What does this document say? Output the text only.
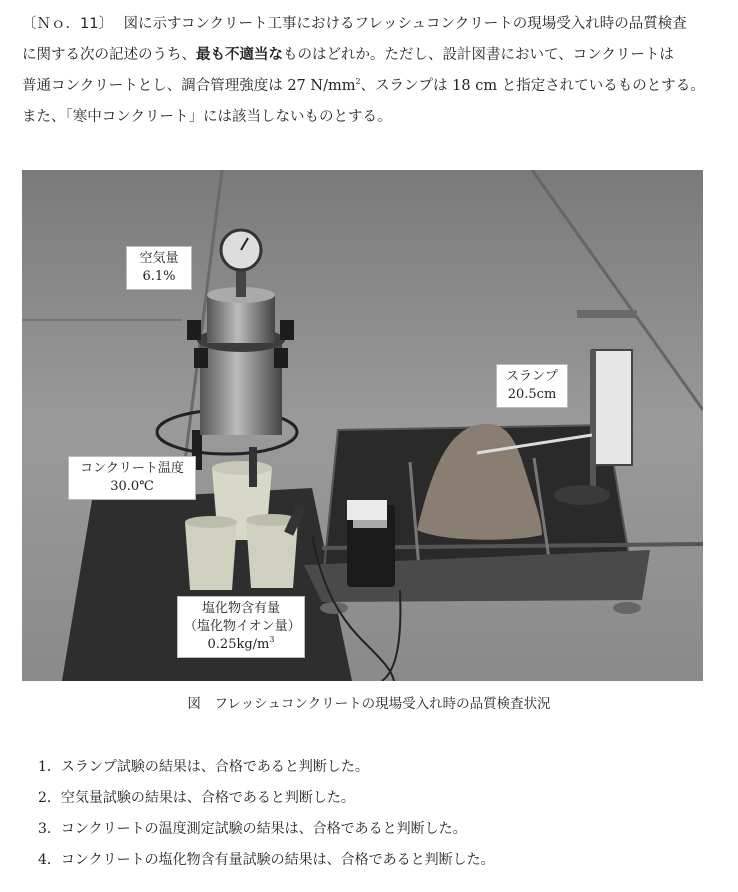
〔Ｎｏ．11〕 図に示すコンクリート工事におけるフレッシュコンクリートの現場受入れ時の品質検査
に関する次の記述のうち、最も不適当なものはどれか。ただし、設計図書において、コンクリートは
普通コンクリートとし、調合管理強度は 27 $N/mm^2$、スランプは 18 cm と指定されているものとする。
また、「寒中コンクリート」には該当しないものとする。
空気量
6.1%
スランプ
20.5cm
コンクリート温度
30.0℃
塩化物含有量
（塩化物イオン量）
$0.25kg/m^3$
図　フレッシュコンクリートの現場受入れ時の品質検査状況
1．スランプ試験の結果は、合格であると判断した。
2．空気量試験の結果は、合格であると判断した。
3．コンクリートの温度測定試験の結果は、合格であると判断した。
4．コンクリートの塩化物含有量試験の結果は、合格であると判断した。
